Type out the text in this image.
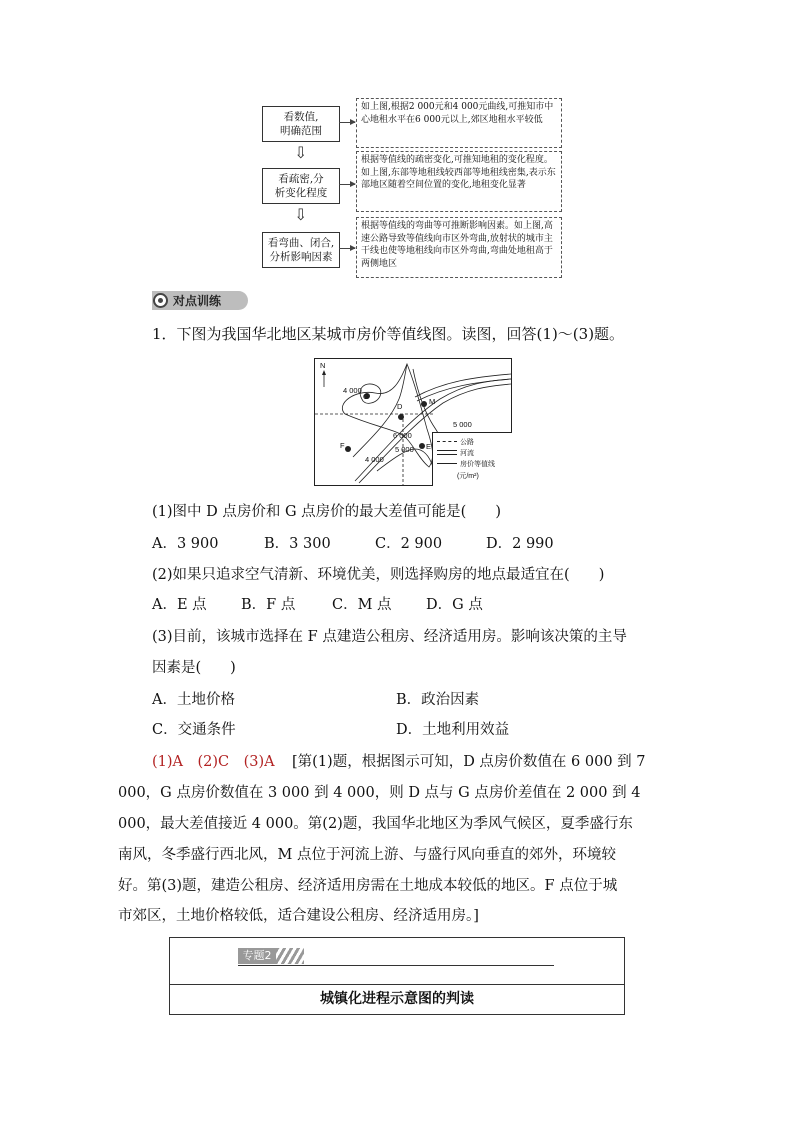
看数值,
明确范围
⇩
看疏密,分
析变化程度
⇩
看弯曲、闭合,
分析影响因素
如上图,根据2 000元和4 000元曲线,可推知市中心地租水平在6 000元以上,郊区地租水平较低
根据等值线的疏密变化,可推知地租的变化程度。如上图,东部等地租线较西部等地租线密集,表示东部地区随着空间位置的变化,地租变化显著
根据等值线的弯曲等可推断影响因素。如上图,高速公路导致等值线向市区外弯曲,放射状的城市主干线也使等地租线向市区外弯曲,弯曲处地租高于两侧地区
对点训练
1．下图为我国华北地区某城市房价等值线图。读图，回答(1)～(3)题。
N
4 000
G
D
M
5 000
6 000
F	5 000 E
4 000
公路
河流
房价等值线
(元/m²)
(1)图中 D 点房价和 G 点房价的最大差值可能是(　　)
A．3 900	B．3 300	C．2 900	D．2 990
(2)如果只追求空气清新、环境优美，则选择购房的地点最适宜在(　　)
A．E 点 B．F 点	C．M 点 D．G 点
(3)目前，该城市选择在 F 点建造公租房、经济适用房。影响该决策的主导
因素是(　　)
A．土地价格	B．政治因素
C．交通条件	D．土地利用效益
(1)A　(2)C　(3)A [第(1)题，根据图示可知，D 点房价数值在 6 000 到 7
000，G 点房价数值在 3 000 到 4 000，则 D 点与 G 点房价差值在 2 000 到 4
000，最大差值接近 4 000。第(2)题，我国华北地区为季风气候区，夏季盛行东
南风，冬季盛行西北风，M 点位于河流上游、与盛行风向垂直的郊外，环境较
好。第(3)题，建造公租房、经济适用房需在土地成本较低的地区。F 点位于城
市郊区，土地价格较低，适合建设公租房、经济适用房。]
专题2
城镇化进程示意图的判读
